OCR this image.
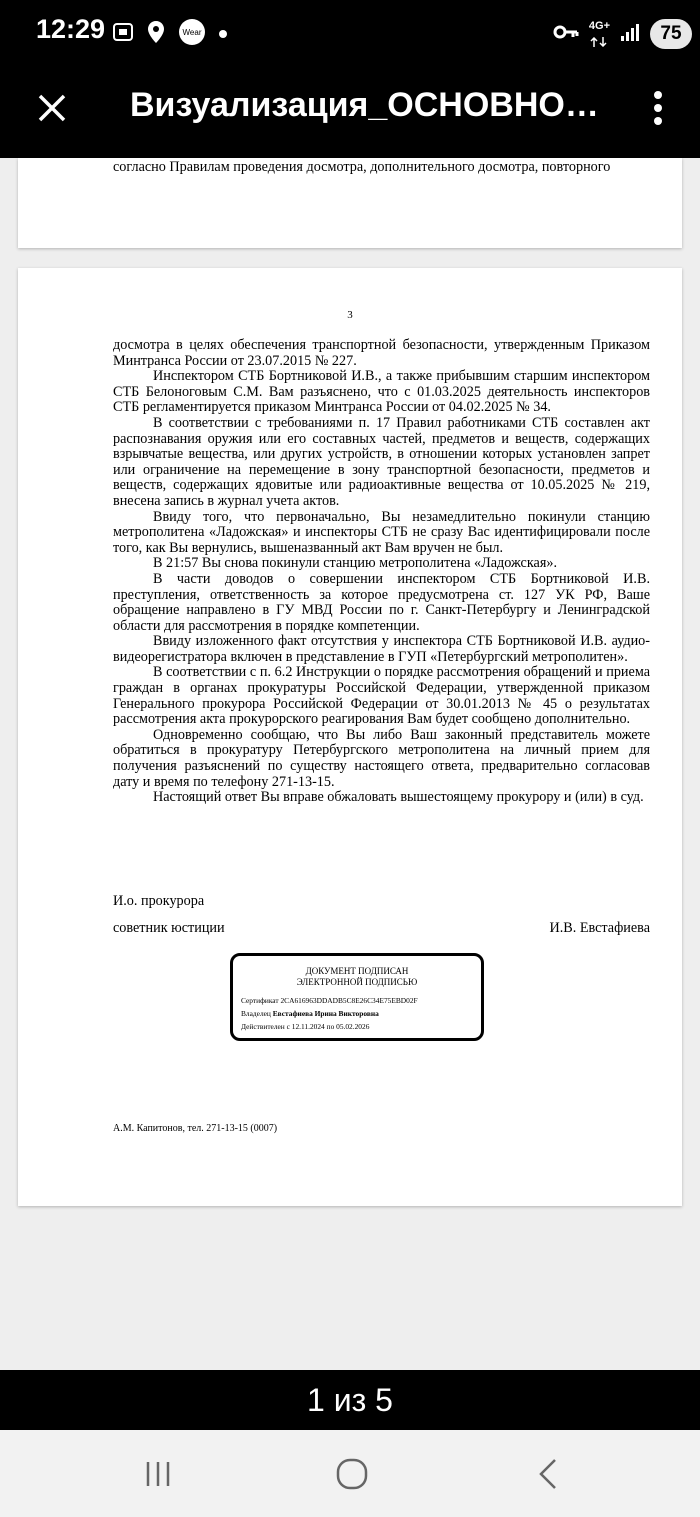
12:29	Wear
4G+	75
Визуализация_ОСНОВНО…
согласно Правилам проведения досмотра, дополнительного досмотра, повторного
3

досмотра в целях обеспечения транспортной безопасности, утвержденным Приказом Минтранса России от 23.07.2015 № 227.

Инспектором СТБ Бортниковой И.В., а также прибывшим старшим инспектором СТБ Белоноговым С.М. Вам разъяснено, что с 01.03.2025 деятельность инспекторов СТБ регламентируется приказом Минтранса России от 04.02.2025 № 34.

В соответствии с требованиями п. 17 Правил работниками СТБ составлен акт распознавания оружия или его составных частей, предметов и веществ, содержащих взрывчатые вещества, или других устройств, в отношении которых установлен запрет или ограничение на перемещение в зону транспортной безопасности, предметов и веществ, содержащих ядовитые или радиоактивные вещества от 10.05.2025 № 219, внесена запись в журнал учета актов.

Ввиду того, что первоначально, Вы незамедлительно покинули станцию метрополитена «Ладожская» и инспекторы СТБ не сразу Вас идентифицировали после того, как Вы вернулись, вышеназванный акт Вам вручен не был.

В 21:57 Вы снова покинули станцию метрополитена «Ладожская».

В части доводов о совершении инспектором СТБ Бортниковой И.В. преступления, ответственность за которое предусмотрена ст. 127 УК РФ, Ваше обращение направлено в ГУ МВД России по г. Санкт-Петербургу и Ленинградской области для рассмотрения в порядке компетенции.

Ввиду изложенного факт отсутствия у инспектора СТБ Бортниковой И.В. аудио-видеорегистратора включен в представление в ГУП «Петербургский метрополитен».

В соответствии с п. 6.2 Инструкции о порядке рассмотрения обращений и приема граждан в органах прокуратуры Российской Федерации, утвержденной приказом Генерального прокурора Российской Федерации от 30.01.2013 № 45 о результатах рассмотрения акта прокурорского реагирования Вам будет сообщено дополнительно.

Одновременно сообщаю, что Вы либо Ваш законный представитель можете обратиться в прокуратуру Петербургского метрополитена на личный прием для получения разъяснений по существу настоящего ответа, предварительно согласовав дату и время по телефону 271-13-15.

Настоящий ответ Вы вправе обжаловать вышестоящему прокурору и (или) в суд.

И.о. прокурора
советник юстиции	И.В. Евстафиева
ДОКУМЕНТ ПОДПИСАН
ЭЛЕКТРОННОЙ ПОДПИСЬЮ
Сертификат 2CA616963DDADB5C8E26C34E75EBD02F
Владелец Евстафиева Ирина Викторовна
Действителен с 12.11.2024 по 05.02.2026
А.М. Капитонов, тел. 271-13-15 (0007)
1 из 5
